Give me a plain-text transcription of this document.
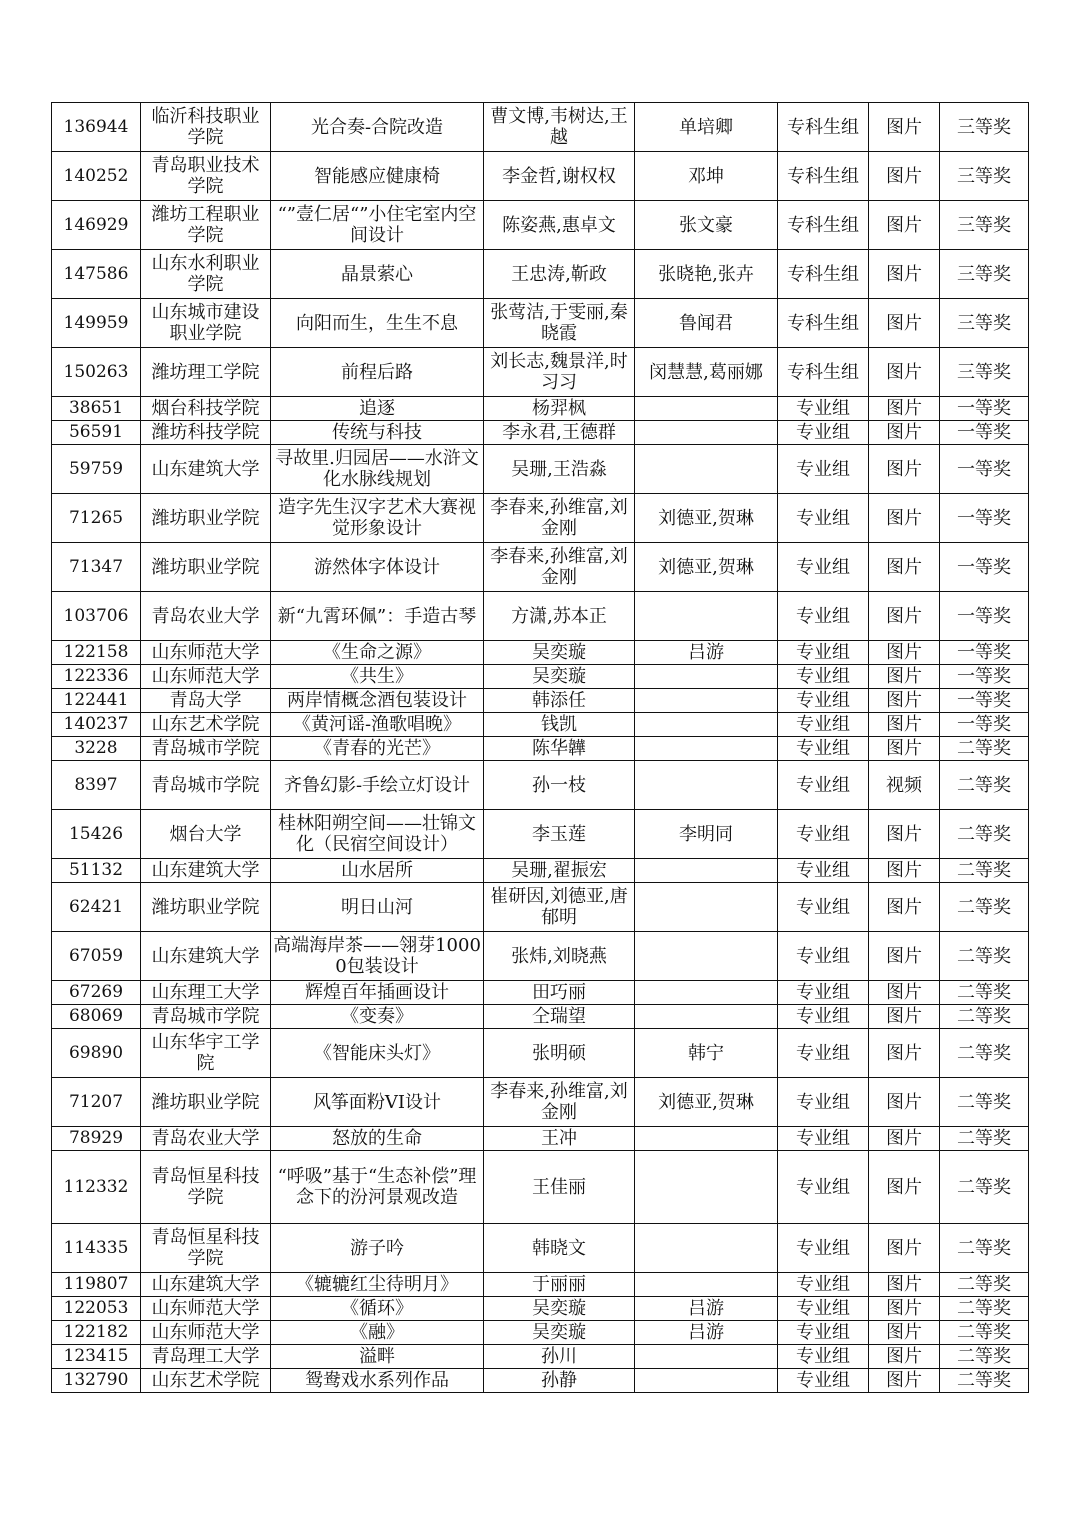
136944	临沂科技职业学院	光合奏-合院改造	曹文博,韦树达,王越	单培卿	专科生组	图片	三等奖
140252	青岛职业技术学院	智能感应健康椅	李金哲,谢权权	邓坤	专科生组	图片	三等奖
146929	潍坊工程职业学院	“”壹仁居“”小住宅室内空间设计	陈姿燕,惠卓文	张文豪	专科生组	图片	三等奖
147586	山东水利职业学院	晶景萦心	王忠涛,靳政	张晓艳,张卉	专科生组	图片	三等奖
149959	山东城市建设职业学院	向阳而生，生生不息	张莺洁,于雯丽,秦晓霞	鲁闻君	专科生组	图片	三等奖
150263	潍坊理工学院	前程后路	刘长志,魏景洋,时习习	闵慧慧,葛丽娜	专科生组	图片	三等奖
38651	烟台科技学院	追逐	杨羿枫		专业组	图片	一等奖
56591	潍坊科技学院	传统与科技	李永君,王德群		专业组	图片	一等奖
59759	山东建筑大学	寻故里.归园居——水浒文化水脉线规划	吴珊,王浩淼		专业组	图片	一等奖
71265	潍坊职业学院	造字先生汉字艺术大赛视觉形象设计	李春来,孙维富,刘金刚	刘德亚,贺琳	专业组	图片	一等奖
71347	潍坊职业学院	游然体字体设计	李春来,孙维富,刘金刚	刘德亚,贺琳	专业组	图片	一等奖
103706	青岛农业大学	新“九霄环佩”：手造古琴	方潇,苏本正		专业组	图片	一等奖
122158	山东师范大学	《生命之源》	吴奕璇	吕游	专业组	图片	一等奖
122336	山东师范大学	《共生》	吴奕璇		专业组	图片	一等奖
122441	青岛大学	两岸情概念酒包装设计	韩添任		专业组	图片	一等奖
140237	山东艺术学院	《黄河谣-渔歌唱晚》	钱凯		专业组	图片	一等奖
3228	青岛城市学院	《青春的光芒》	陈华韡		专业组	图片	二等奖
8397	青岛城市学院	齐鲁幻影-手绘立灯设计	孙一枝		专业组	视频	二等奖
15426	烟台大学	桂林阳朔空间——壮锦文化（民宿空间设计）	李玉莲	李明同	专业组	图片	二等奖
51132	山东建筑大学	山水居所	吴珊,翟振宏		专业组	图片	二等奖
62421	潍坊职业学院	明日山河	崔研因,刘德亚,唐郁明		专业组	图片	二等奖
67059	山东建筑大学	高端海岸茶——翎芽10000包装设计	张炜,刘晓燕		专业组	图片	二等奖
67269	山东理工大学	辉煌百年插画设计	田巧丽		专业组	图片	二等奖
68069	青岛城市学院	《变奏》	仝瑞望		专业组	图片	二等奖
69890	山东华宇工学院	《智能床头灯》	张明硕	韩宁	专业组	图片	二等奖
71207	潍坊职业学院	风筝面粉VI设计	李春来,孙维富,刘金刚	刘德亚,贺琳	专业组	图片	二等奖
78929	青岛农业大学	怒放的生命	王冲		专业组	图片	二等奖
112332	青岛恒星科技学院	“呼吸”基于“生态补偿”理念下的汾河景观改造	王佳丽		专业组	图片	二等奖
114335	青岛恒星科技学院	游子吟	韩晓文		专业组	图片	二等奖
119807	山东建筑大学	《辘辘红尘待明月》	于丽丽		专业组	图片	二等奖
122053	山东师范大学	《循环》	吴奕璇	吕游	专业组	图片	二等奖
122182	山东师范大学	《融》	吴奕璇	吕游	专业组	图片	二等奖
123415	青岛理工大学	溢畔	孙川		专业组	图片	二等奖
132790	山东艺术学院	鸳鸯戏水系列作品	孙静		专业组	图片	二等奖
